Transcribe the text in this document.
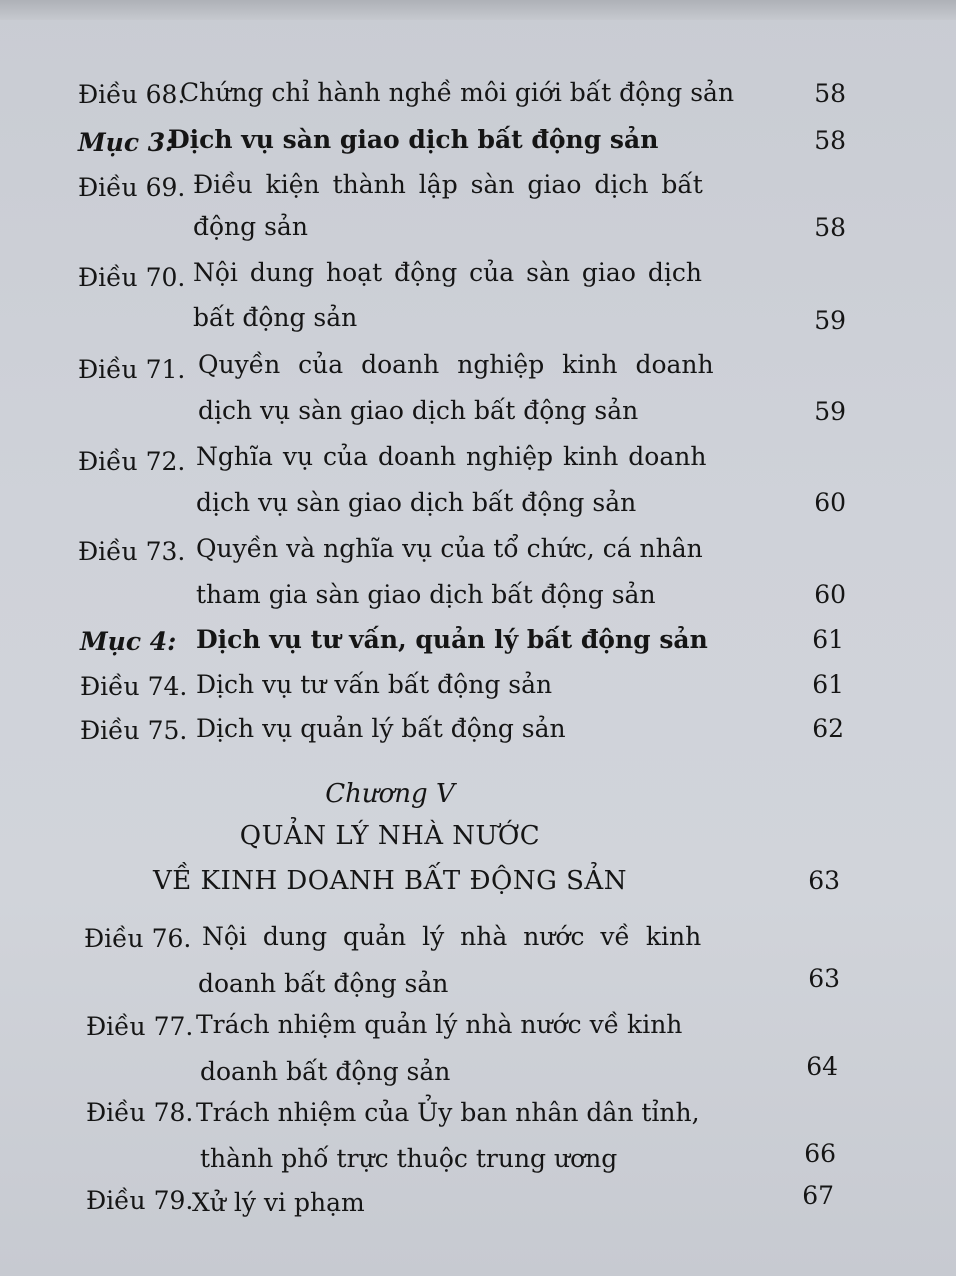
Điều 68.
Chứng chỉ hành nghề môi giới bất động sản	58
Mục 3:
Dịch vụ sàn giao dịch bất động sản	58
Điều 69. Điều kiện thành lập sàn giao dịch bất
động sản	58
Điều 70. Nội dung hoạt động của sàn giao dịch
bất động sản	59
Điều 71. Quyền của doanh nghiệp kinh doanh
dịch vụ sàn giao dịch bất động sản	59
Điều 72. Nghĩa vụ của doanh nghiệp kinh doanh
dịch vụ sàn giao dịch bất động sản	60
Điều 73. Quyền và nghĩa vụ của tổ chức, cá nhân
tham gia sàn giao dịch bất động sản	60
Mục 4: Dịch vụ tư vấn, quản lý bất động sản	61
Điều 74. Dịch vụ tư vấn bất động sản	61
Điều 75. Dịch vụ quản lý bất động sản	62
Chương V
QUẢN LÝ NHÀ NƯỚC
VỀ KINH DOANH BẤT ĐỘNG SẢN	63
Điều 76. Nội dung quản lý nhà nước về kinh
doanh bất động sản	63
Điều 77. Trách nhiệm quản lý nhà nước về kinh
doanh bất động sản	64
Điều 78. Trách nhiệm của Ủy ban nhân dân tỉnh,
thành phố trực thuộc trung ương	66
Điều 79.
Xử lý vi phạm	67
